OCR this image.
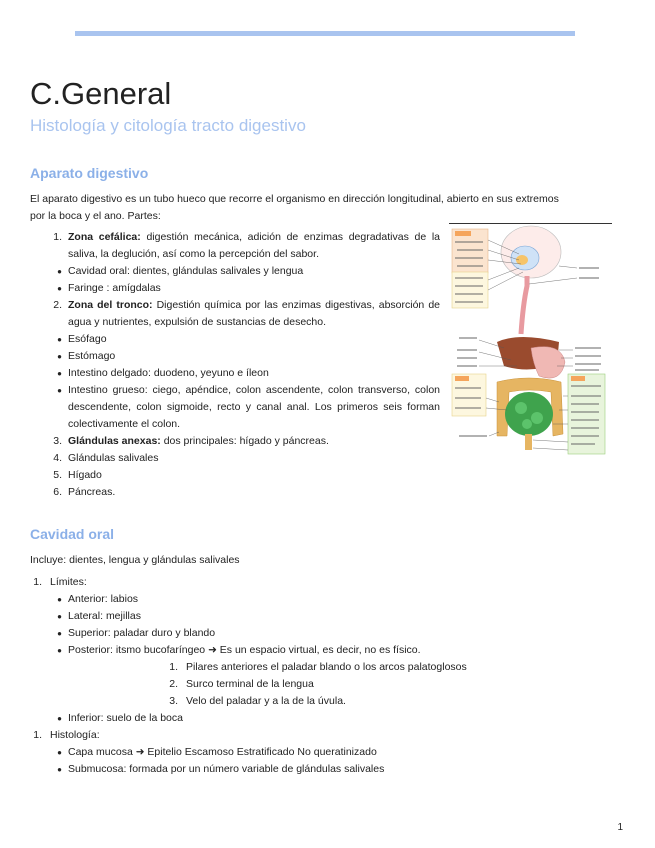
C.General

Histología y citología tracto digestivo

Aparato digestivo

El aparato digestivo es un tubo hueco que recorre el organismo en dirección longitudinal, abierto en sus extremos

por la boca y el ano. Partes:

1. Zona cefálica: digestión mecánica, adición de enzimas degradativas de la saliva, la deglución, así como la percepción del sabor.
● Cavidad oral: dientes, glándulas salivales y lengua
● Faringe : amígdalas
2. Zona del tronco: Digestión química por las enzimas digestivas, absorción de agua y nutrientes, expulsión de sustancias de desecho.
● Esófago
● Estómago
● Intestino delgado: duodeno, yeyuno e íleon
● Intestino grueso: ciego, apéndice, colon ascendente, colon transverso, colon descendente, colon sigmoide, recto y canal anal. Los primeros seis forman colectivamente el colon.
3. Glándulas anexas: dos principales: hígado y páncreas.
4. Glándulas salivales
5. Hígado
6. Páncreas.
Cavidad oral

Incluye: dientes, lengua y glándulas salivales

1. Límites:
● Anterior: labios
● Lateral: mejillas
● Superior: paladar duro y blando
● Posterior: itsmo bucofaríngeo ➜ Es un espacio virtual, es decir, no es físico.
1. Pilares anteriores el paladar blando o los arcos palatoglosos
2. Surco terminal de la lengua
3. Velo del paladar y a la de la úvula.
● Inferior: suelo de la boca
1. Histología:
● Capa mucosa ➜ Epitelio Escamoso Estratificado No queratinizado
● Submucosa: formada por un número variable de glándulas salivales
1
